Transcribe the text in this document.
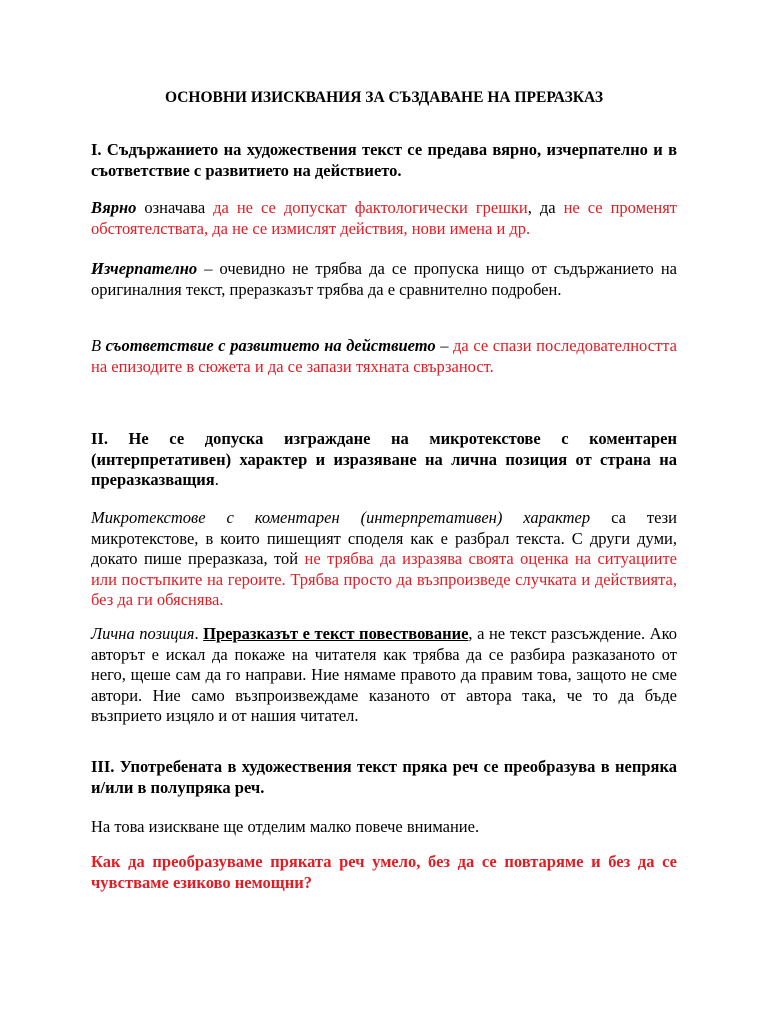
ОСНОВНИ ИЗИСКВАНИЯ ЗА СЪЗДАВАНЕ НА ПРЕРАЗКАЗ
I. Съдържанието на художествения текст се предава вярно, изчерпателно и в съответствие с развитието на действието.
Вярно означава да не се допускат фактологически грешки, да не се променят обстоятелствата, да не се измислят действия, нови имена и др.
Изчерпателно – очевидно не трябва да се пропуска нищо от съдържанието на оригиналния текст, преразказът трябва да е сравнително подробен.
В съответствие с развитието на действието – да се спази последователността на епизодите в сюжета и да се запази тяхната свързаност.
II. Не се допуска изграждане на микротекстове с коментарен (интерпретативен) характер и изразяване на лична позиция от страна на преразказващия.
Микротекстове с коментарен (интерпретативен) характер са тези микротекстове, в които пишещият споделя как е разбрал текста. С други думи, докато пише преразказа, той не трябва да изразява своята оценка на ситуациите или постъпките на героите. Трябва просто да възпроизведе случката и действията, без да ги обяснява.
Лична позиция. Преразказът е текст повествование, а не текст разсъждение. Ако авторът е искал да покаже на читателя как трябва да се разбира разказаното от него, щеше сам да го направи. Ние нямаме правото да правим това, защото не сме автори. Ние само възпроизвеждаме казаното от автора така, че то да бъде възприето изцяло и от нашия читател.
III. Употребената в художествения текст пряка реч се преобразува в непряка и/или в полупряка реч.
На това изискване ще отделим малко повече внимание.
Как да преобразуваме пряката реч умело, без да се повтаряме и без да се чувстваме езиково немощни?
